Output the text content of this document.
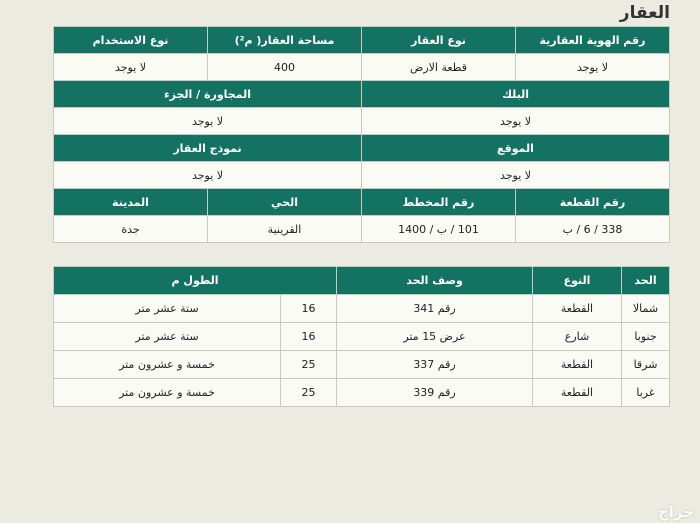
العقار
رقم الهوية العقارية	نوع العقار	مساحة العقار( م²)	نوع الاستخدام
لا يوجد	قطعة الارض	400	لا يوجد
البلك		المجاورة / الجزء	
لا يوجد		لا يوجد	
الموقع		نموذج العقار	
لا يوجد		لا يوجد	
رقم القطعة	رقم المخطط	الحي	المدينة
338 / 6 / ب	101 / ب / 1400	القرينية	جدة
الحد	النوع	وصف الحد	الطول م	
شمالا	القطعة	رقم 341	16	ستة عشر متر
جنوبا	شارع	عرض 15 متر	16	ستة عشر متر
شرقا	القطعة	رقم 337	25	خمسة و عشرون متر
غربا	القطعة	رقم 339	25	خمسة و عشرون متر
حراج
